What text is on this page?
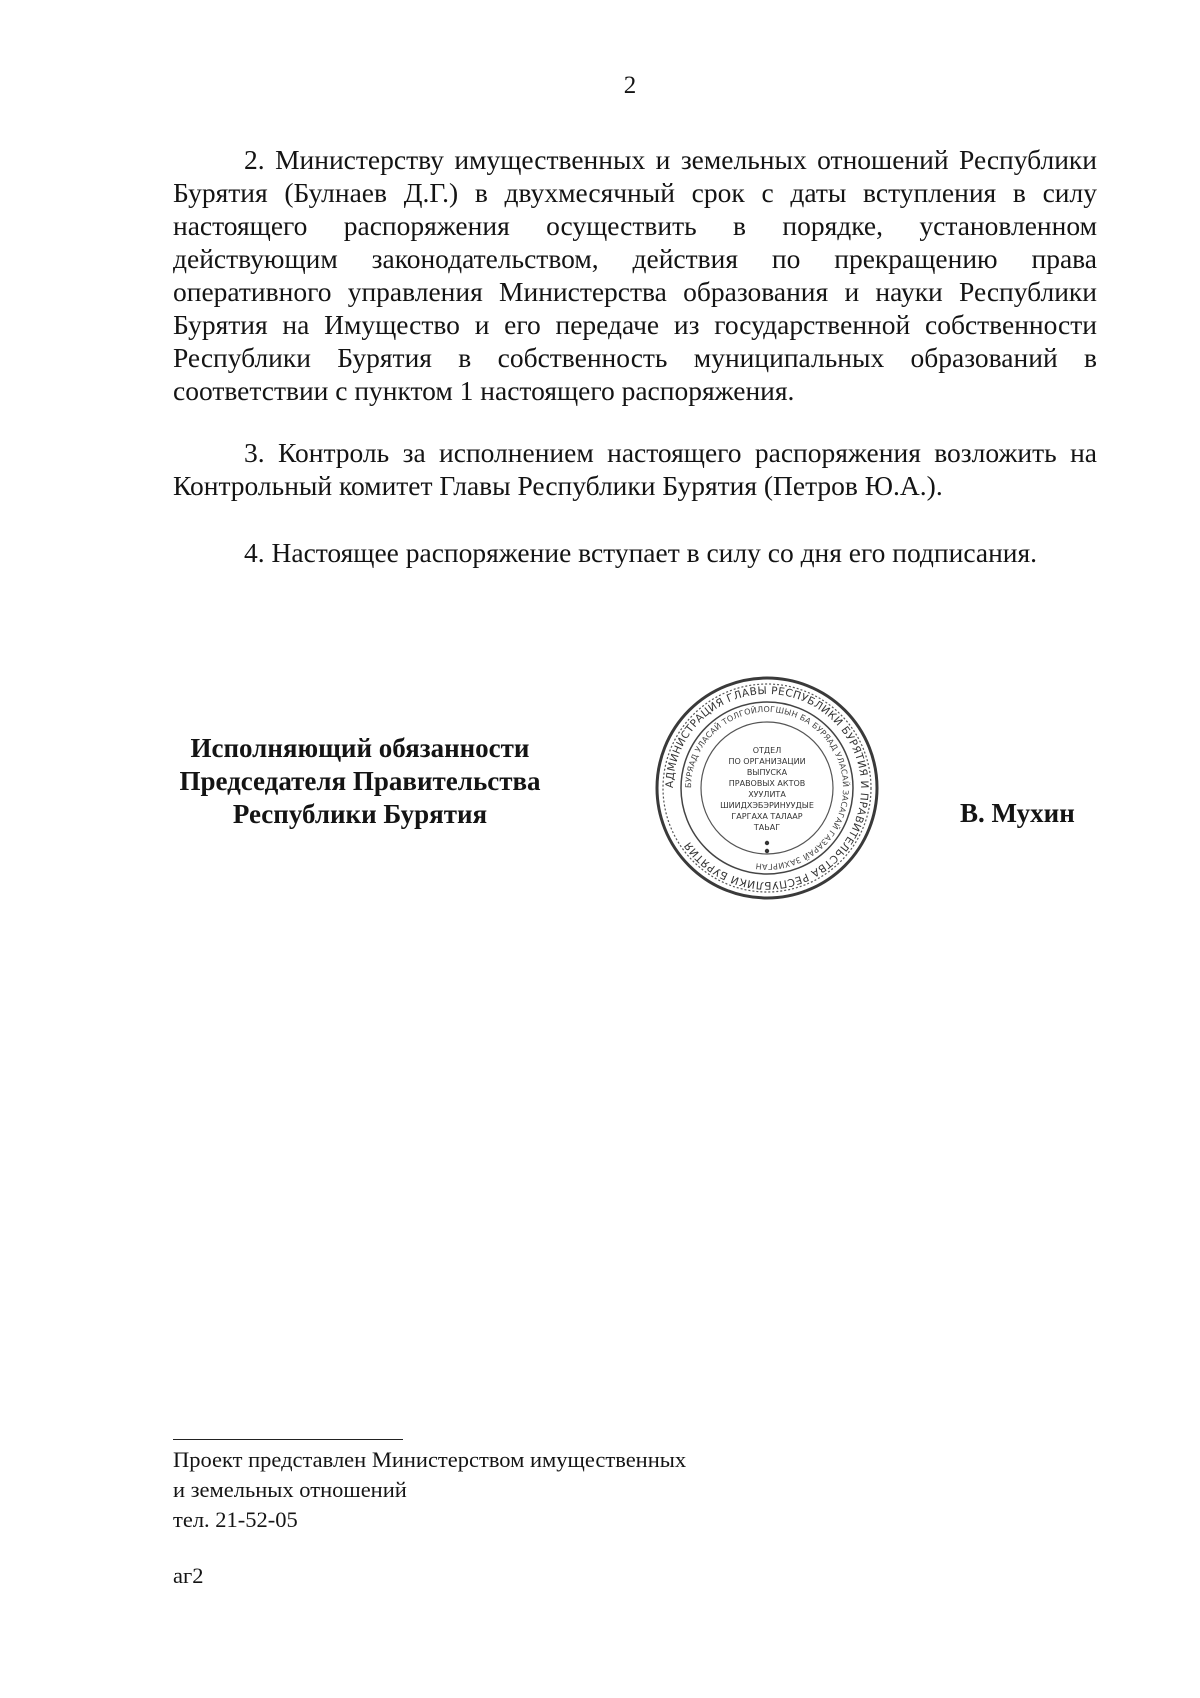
2

2. Министерству имущественных и земельных отношений Республики Бурятия (Булнаев Д.Г.) в двухмесячный срок с даты вступления в силу настоящего распоряжения осуществить в порядке, установленном действующим законодательством, действия по прекращению права оперативного управления Министерства образования и науки Республики Бурятия на Имущество и его передаче из государственной собственности Республики Бурятия в собственность муниципальных образований в соответствии с пунктом 1 настоящего распоряжения.

3. Контроль за исполнением настоящего распоряжения возложить на Контрольный комитет Главы Республики Бурятия (Петров Ю.А.).

4. Настоящее распоряжение вступает в силу со дня его подписания.

Исполняющий обязанности
Председателя Правительства
Республики Бурятия
АДМИНИСТРАЦИЯ ГЛАВЫ РЕСПУБЛИКИ БУРЯТИЯ И ПРАВИТЕЛЬСТВА РЕСПУБЛИКИ БУРЯТИЯ
БУРЯАД УЛАСАЙ ТОЛГОЙЛОГШЫН БА БУРЯАД УЛАСАЙ ЗАСАГАЙ ГАЗАРАЙ ЗАХИРГАН
ОТДЕЛ
ПО ОРГАНИЗАЦИИ
ВЫПУСКА
ПРАВОВЫХ АКТОВ
ХУУЛИТА
ШИИДХЭБЭРИНУУДЫЕ
ГАРГАХА ТАЛААР
ТАЬАГ	В. Мухин
Проект представлен Министерством имущественных
и земельных отношений
тел. 21-52-05
аг2
